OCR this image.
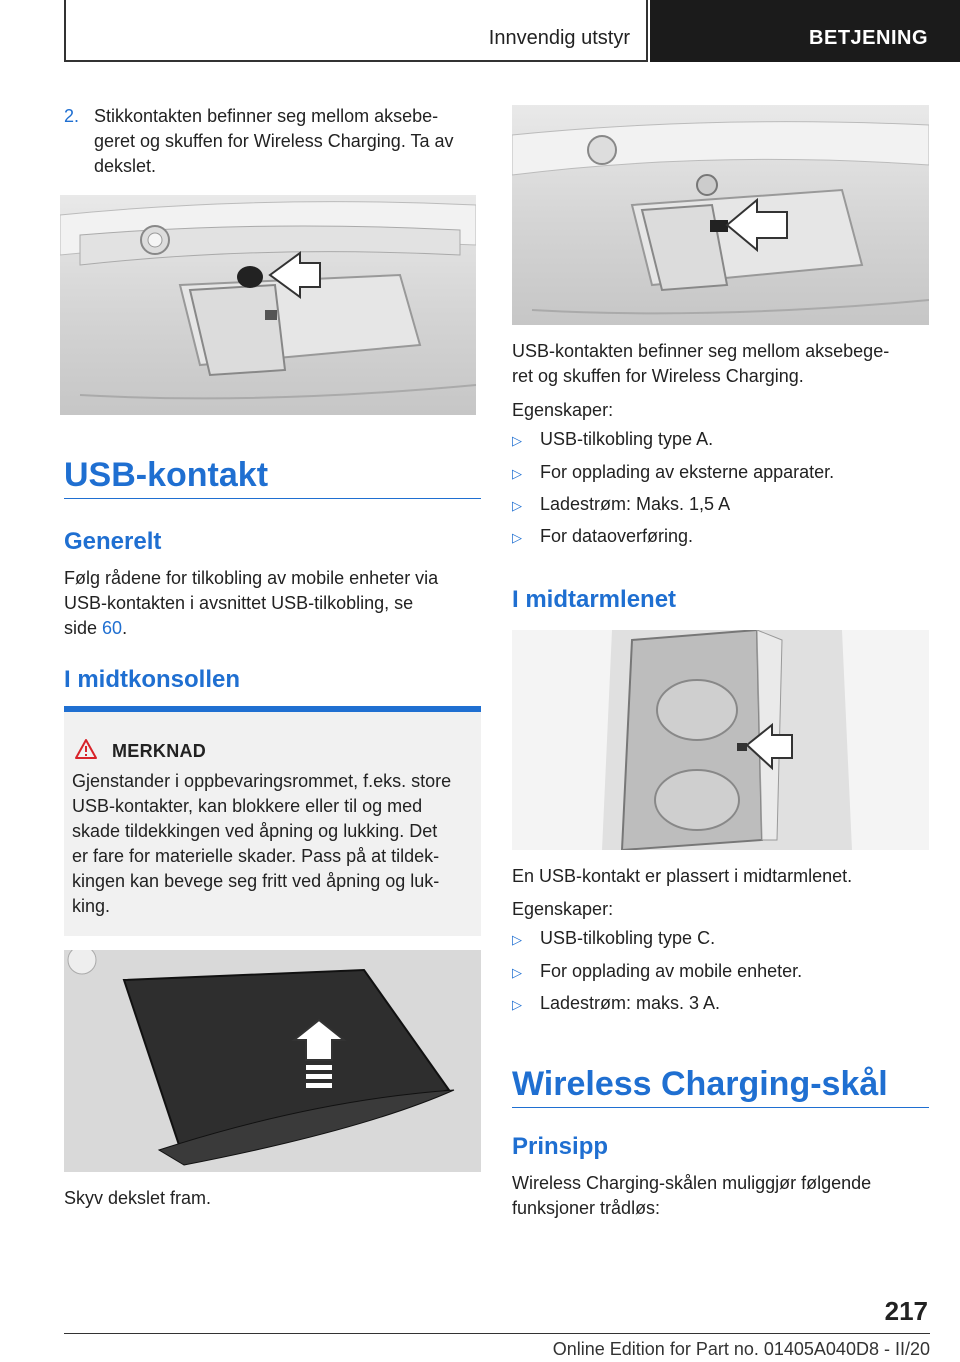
Innvendig utstyr	BETJENING
2. Stikkontakten befinner seg mellom aksebe-
geret og skuffen for Wireless Charging. Ta av
dekslet.
USB-kontakt
Generelt
Følg rådene for tilkobling av mobile enheter via
USB-kontakten i avsnittet USB-tilkobling, se
side 60.
I midtkonsollen
MERKNAD
Gjenstander i oppbevaringsrommet, f.eks. store
USB-kontakter, kan blokkere eller til og med
skade tildekkingen ved åpning og lukking. Det
er fare for materielle skader. Pass på at tildek-
kingen kan bevege seg fritt ved åpning og luk-
king.
Skyv dekslet fram.
USB-kontakten befinner seg mellom aksebege-
ret og skuffen for Wireless Charging.
Egenskaper:
▷ USB-tilkobling type A.
▷ For opplading av eksterne apparater.
▷ Ladestrøm: Maks. 1,5 A
▷ For dataoverføring.
I midtarmlenet
En USB-kontakt er plassert i midtarmlenet.
Egenskaper:
▷ USB-tilkobling type C.
▷ For opplading av mobile enheter.
▷ Ladestrøm: maks. 3 A.
Wireless Charging-skål
Prinsipp
Wireless Charging-skålen muliggjør følgende
funksjoner trådløs:
217
Online Edition for Part no. 01405A040D8 - II/20
